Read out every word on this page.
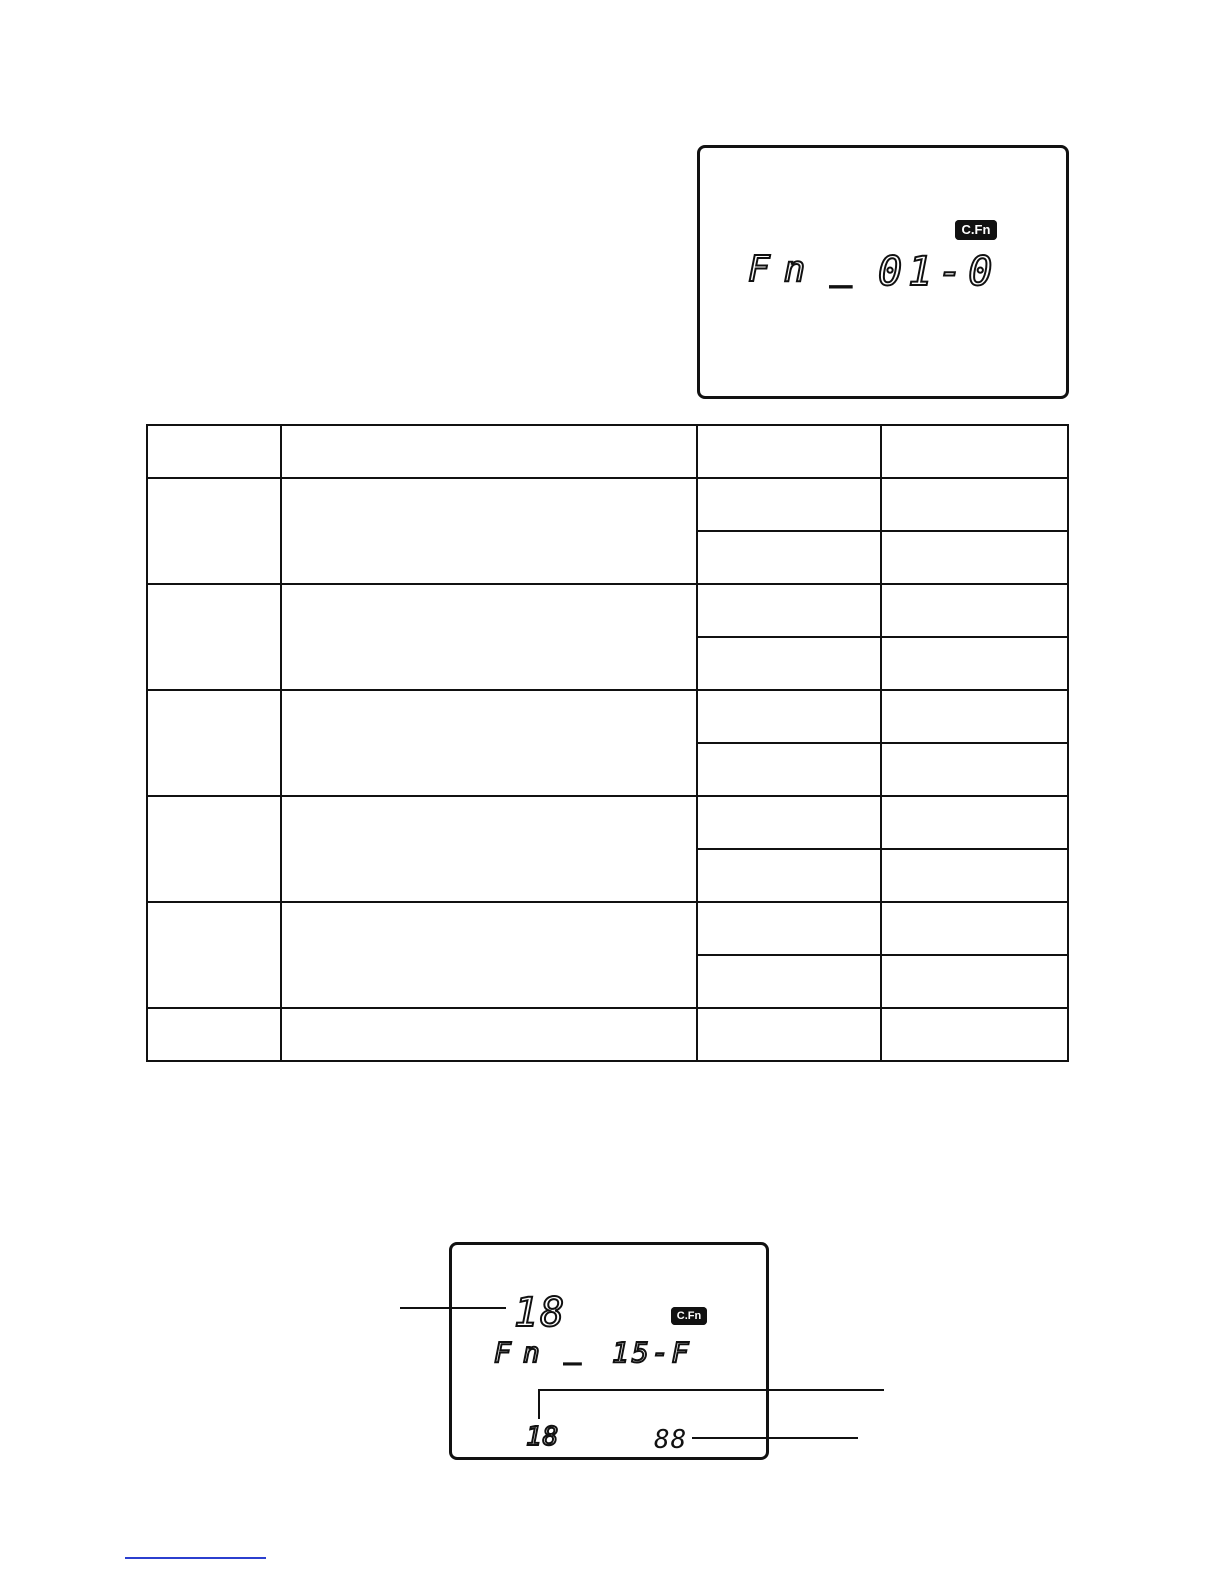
C.Fn
Fn _ 01-0

18	C.Fn
Fn _ 15-F
18	88
